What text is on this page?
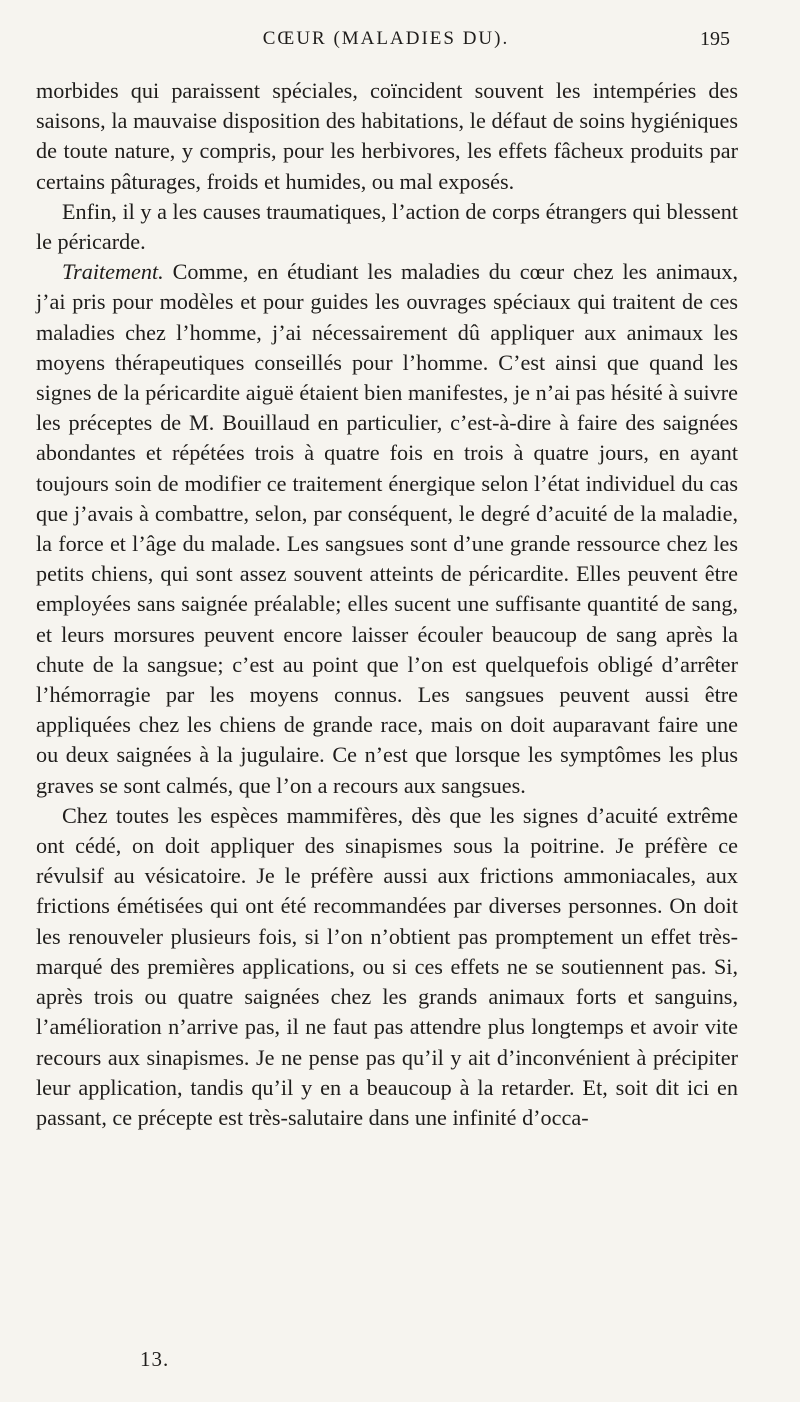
CŒUR (MALADIES DU).	195

morbides qui paraissent spéciales, coïncident souvent les intempéries des saisons, la mauvaise disposition des habitations, le défaut de soins hygiéniques de toute nature, y compris, pour les herbivores, les effets fâcheux produits par certains pâturages, froids et humides, ou mal exposés.

Enfin, il y a les causes traumatiques, l’action de corps étrangers qui blessent le péricarde.

Traitement. Comme, en étudiant les maladies du cœur chez les animaux, j’ai pris pour modèles et pour guides les ouvrages spéciaux qui traitent de ces maladies chez l’homme, j’ai nécessairement dû appliquer aux animaux les moyens thérapeutiques conseillés pour l’homme. C’est ainsi que quand les signes de la péricardite aiguë étaient bien manifestes, je n’ai pas hésité à suivre les préceptes de M. Bouillaud en particulier, c’est-à-dire à faire des saignées abondantes et répétées trois à quatre fois en trois à quatre jours, en ayant toujours soin de modifier ce traitement énergique selon l’état individuel du cas que j’avais à combattre, selon, par conséquent, le degré d’acuité de la maladie, la force et l’âge du malade. Les sangsues sont d’une grande ressource chez les petits chiens, qui sont assez souvent atteints de péricardite. Elles peuvent être employées sans saignée préalable; elles sucent une suffisante quantité de sang, et leurs morsures peuvent encore laisser écouler beaucoup de sang après la chute de la sangsue; c’est au point que l’on est quelquefois obligé d’arrêter l’hémorragie par les moyens connus. Les sangsues peuvent aussi être appliquées chez les chiens de grande race, mais on doit auparavant faire une ou deux saignées à la jugulaire. Ce n’est que lorsque les symptômes les plus graves se sont calmés, que l’on a recours aux sangsues.

Chez toutes les espèces mammifères, dès que les signes d’acuité extrême ont cédé, on doit appliquer des sinapismes sous la poitrine. Je préfère ce révulsif au vésicatoire. Je le préfère aussi aux frictions ammoniacales, aux frictions émétisées qui ont été recommandées par diverses personnes. On doit les renouveler plusieurs fois, si l’on n’obtient pas promptement un effet très-marqué des premières applications, ou si ces effets ne se soutiennent pas. Si, après trois ou quatre saignées chez les grands animaux forts et sanguins, l’amélioration n’arrive pas, il ne faut pas attendre plus longtemps et avoir vite recours aux sinapismes. Je ne pense pas qu’il y ait d’inconvénient à précipiter leur application, tandis qu’il y en a beaucoup à la retarder. Et, soit dit ici en passant, ce précepte est très-salutaire dans une infinité d’occa-

13.
